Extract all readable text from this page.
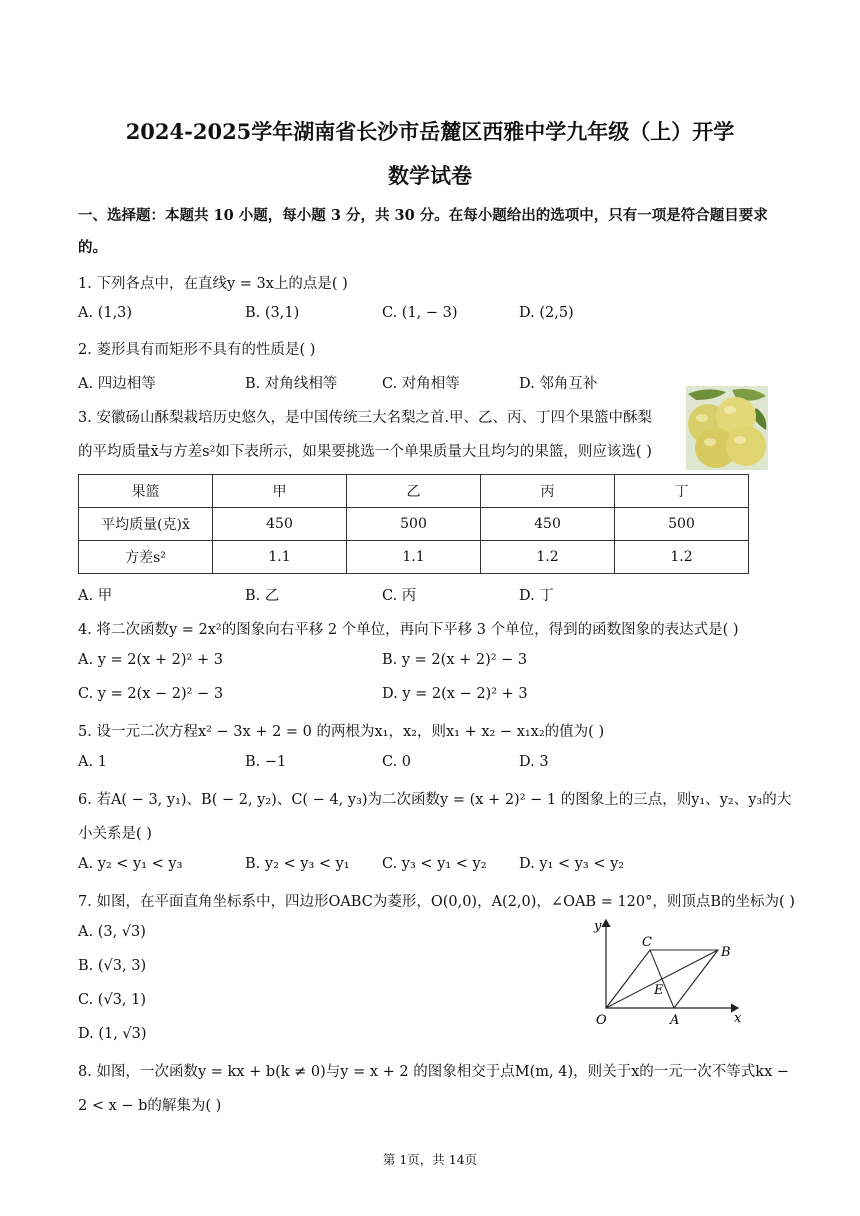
2024-2025学年湖南省长沙市岳麓区西雅中学九年级（上）开学
数学试卷
一、选择题：本题共 10 小题，每小题 3 分，共 30 分。在每小题给出的选项中，只有一项是符合题目要求
的。
1. 下列各点中，在直线y = 3x上的点是( )
A. (1,3)	B. (3,1)	C. (1, − 3)	D. (2,5)
2. 菱形具有而矩形不具有的性质是( )
A. 四边相等	B. 对角线相等	C. 对角相等	D. 邻角互补
3. 安徽砀山酥梨栽培历史悠久，是中国传统三大名梨之首.甲、乙、丙、丁四个果篮中酥梨
的平均质量x̄与方差s²如下表所示，如果要挑选一个单果质量大且均匀的果篮，则应该选( )
果篮	甲	乙	丙	丁
平均质量(克)x̄	450	500	450	500
方差s²	1.1	1.1	1.2	1.2
A. 甲	B. 乙	C. 丙	D. 丁
4. 将二次函数y = 2x²的图象向右平移 2 个单位，再向下平移 3 个单位，得到的函数图象的表达式是( )
A. y = 2(x + 2)² + 3	B. y = 2(x + 2)² − 3
C. y = 2(x − 2)² − 3	D. y = 2(x − 2)² + 3
5. 设一元二次方程x² − 3x + 2 = 0 的两根为x₁，x₂，则x₁ + x₂ − x₁x₂的值为( )
A. 1	B. −1	C. 0	D. 3
6. 若A( − 3, y₁)、B( − 2, y₂)、C( − 4, y₃)为二次函数y = (x + 2)² − 1 的图象上的三点，则y₁、y₂、y₃的大
小关系是( )
A. y₂ < y₁ < y₃	B. y₂ < y₃ < y₁ C. y₃ < y₁ < y₂ D. y₁ < y₃ < y₂
7. 如图，在平面直角坐标系中，四边形OABC为菱形，O(0,0)，A(2,0)，∠OAB = 120°，则顶点B的坐标为( )
A. (3, √3)
B. (√3, 3)
C. (√3, 1)
D. (1, √3)
y
x
O	A
B
C
E
8. 如图，一次函数y = kx + b(k ≠ 0)与y = x + 2 的图象相交于点M(m, 4)，则关于x的一元一次不等式kx −
2 < x − b的解集为( )
第 1页，共 14页
